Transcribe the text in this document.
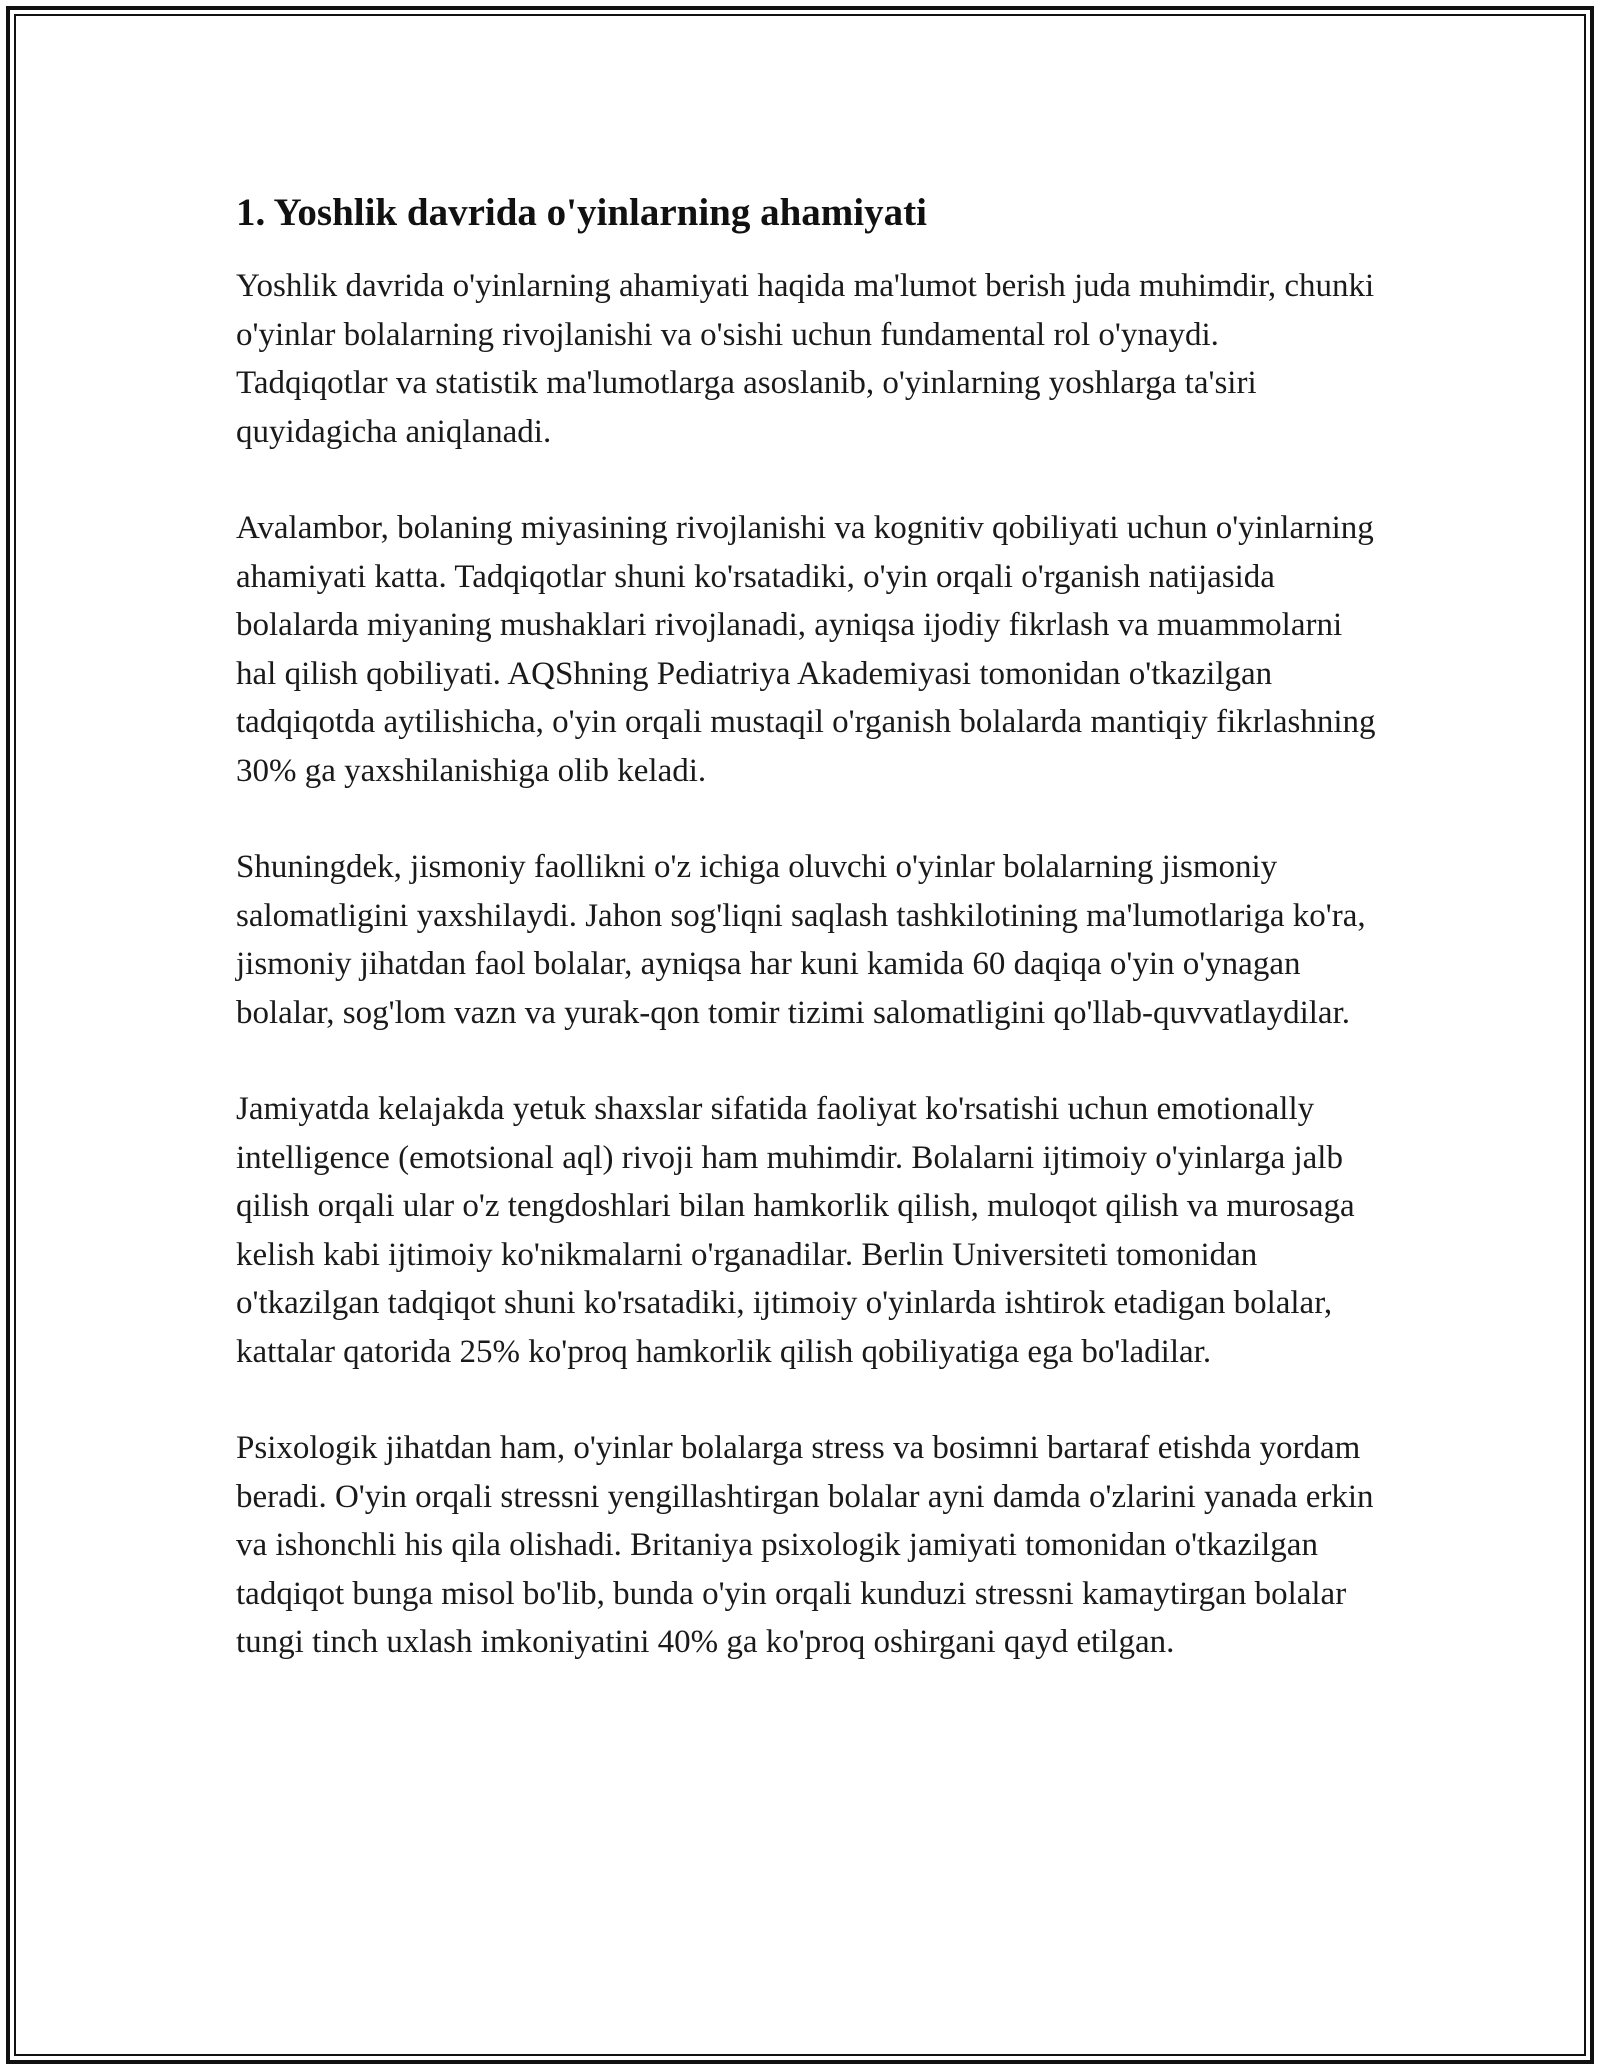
1. Yoshlik davrida o'yinlarning ahamiyati

Yoshlik davrida o'yinlarning ahamiyati haqida ma'lumot berish juda muhimdir, chunki o'yinlar bolalarning rivojlanishi va o'sishi uchun fundamental rol o'ynaydi. Tadqiqotlar va statistik ma'lumotlarga asoslanib, o'yinlarning yoshlarga ta'siri quyidagicha aniqlanadi.

Avalambor, bolaning miyasining rivojlanishi va kognitiv qobiliyati uchun o'yinlarning ahamiyati katta. Tadqiqotlar shuni ko'rsatadiki, o'yin orqali o'rganish natijasida bolalarda miyaning mushaklari rivojlanadi, ayniqsa ijodiy fikrlash va muammolarni hal qilish qobiliyati. AQShning Pediatriya Akademiyasi tomonidan o'tkazilgan tadqiqotda aytilishicha, o'yin orqali mustaqil o'rganish bolalarda mantiqiy fikrlashning 30% ga yaxshilanishiga olib keladi.

Shuningdek, jismoniy faollikni o'z ichiga oluvchi o'yinlar bolalarning jismoniy salomatligini yaxshilaydi. Jahon sog'liqni saqlash tashkilotining ma'lumotlariga ko'ra, jismoniy jihatdan faol bolalar, ayniqsa har kuni kamida 60 daqiqa o'yin o'ynagan bolalar, sog'lom vazn va yurak-qon tomir tizimi salomatligini qo'llab-quvvatlaydilar.

Jamiyatda kelajakda yetuk shaxslar sifatida faoliyat ko'rsatishi uchun emotionally intelligence (emotsional aql) rivoji ham muhimdir. Bolalarni ijtimoiy o'yinlarga jalb qilish orqali ular o'z tengdoshlari bilan hamkorlik qilish, muloqot qilish va murosaga kelish kabi ijtimoiy ko'nikmalarni o'rganadilar. Berlin Universiteti tomonidan o'tkazilgan tadqiqot shuni ko'rsatadiki, ijtimoiy o'yinlarda ishtirok etadigan bolalar, kattalar qatorida 25% ko'proq hamkorlik qilish qobiliyatiga ega bo'ladilar.

Psixologik jihatdan ham, o'yinlar bolalarga stress va bosimni bartaraf etishda yordam beradi. O'yin orqali stressni yengillashtirgan bolalar ayni damda o'zlarini yanada erkin va ishonchli his qila olishadi. Britaniya psixologik jamiyati tomonidan o'tkazilgan tadqiqot bunga misol bo'lib, bunda o'yin orqali kunduzi stressni kamaytirgan bolalar tungi tinch uxlash imkoniyatini 40% ga ko'proq oshirgani qayd etilgan.
